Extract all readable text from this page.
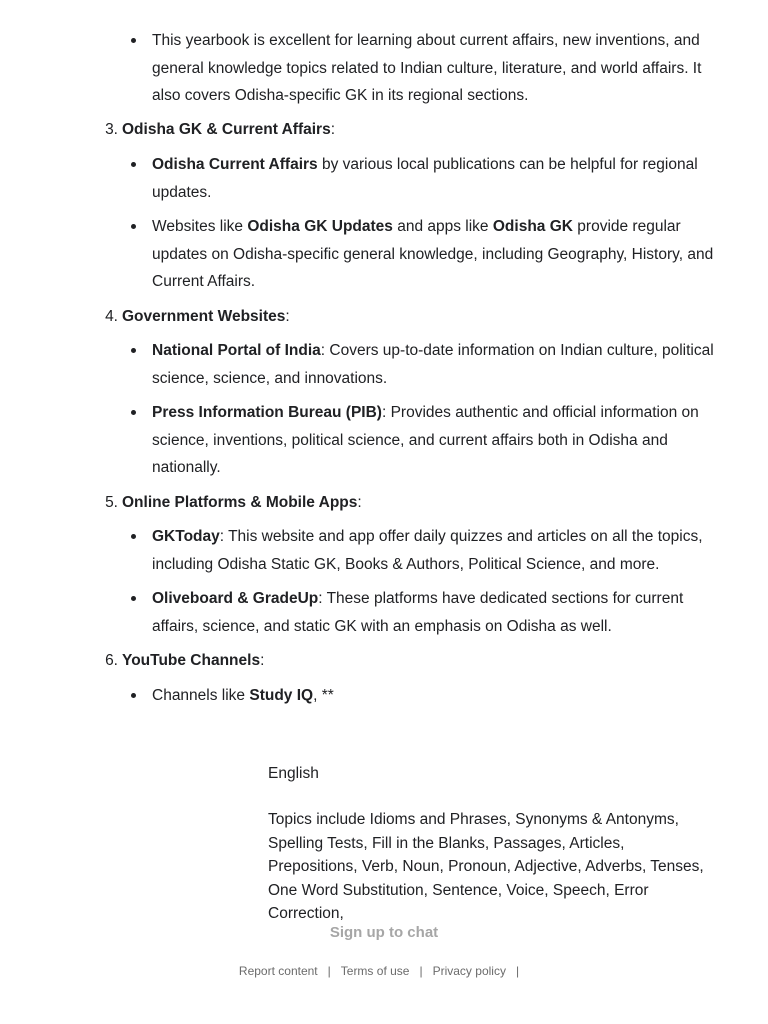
This yearbook is excellent for learning about current affairs, new inventions, and general knowledge topics related to Indian culture, literature, and world affairs. It also covers Odisha-specific GK in its regional sections.
3. Odisha GK & Current Affairs:
Odisha Current Affairs by various local publications can be helpful for regional updates.
Websites like Odisha GK Updates and apps like Odisha GK provide regular updates on Odisha-specific general knowledge, including Geography, History, and Current Affairs.
4. Government Websites:
National Portal of India: Covers up-to-date information on Indian culture, political science, science, and innovations.
Press Information Bureau (PIB): Provides authentic and official information on science, inventions, political science, and current affairs both in Odisha and nationally.
5. Online Platforms & Mobile Apps:
GKToday: This website and app offer daily quizzes and articles on all the topics, including Odisha Static GK, Books & Authors, Political Science, and more.
Oliveboard & GradeUp: These platforms have dedicated sections for current affairs, science, and static GK with an emphasis on Odisha as well.
6. YouTube Channels:
Channels like Study IQ, **
English
Topics include Idioms and Phrases, Synonyms & Antonyms, Spelling Tests, Fill in the Blanks, Passages, Articles, Prepositions, Verb, Noun, Pronoun, Adjective, Adverbs, Tenses, One Word Substitution, Sentence, Voice, Speech, Error Correction,
Sign up to chat
Report content | Terms of use | Privacy policy |
